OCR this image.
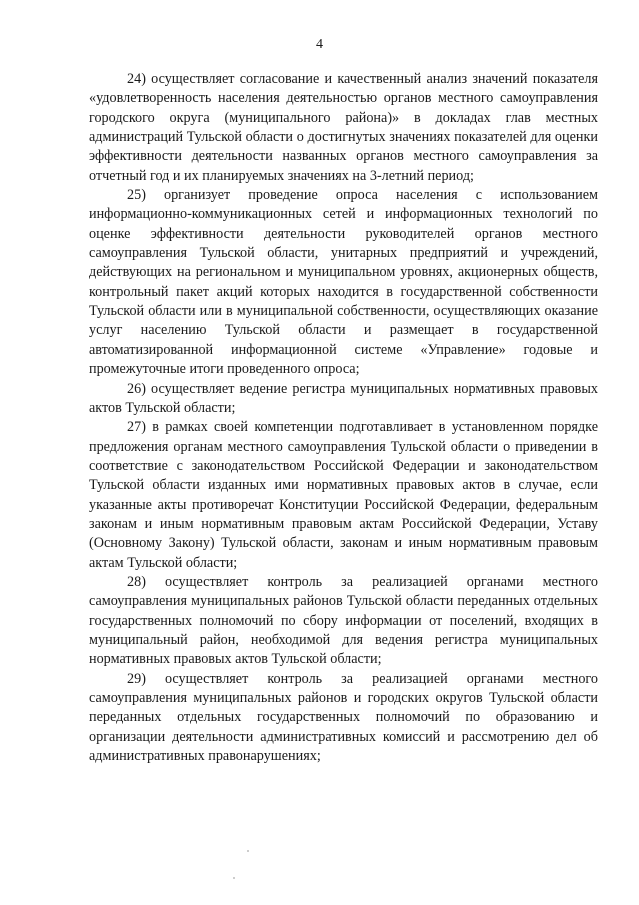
4

24) осуществляет согласование и качественный анализ значений показателя «удовлетворенность населения деятельностью органов местного самоуправления городского округа (муниципального района)» в докладах глав местных администраций Тульской области о достигнутых значениях показателей для оценки эффективности деятельности названных органов местного самоуправления за отчетный год и их планируемых значениях на 3-летний период;

25) организует проведение опроса населения с использованием информационно-коммуникационных сетей и информационных технологий по оценке эффективности деятельности руководителей органов местного самоуправления Тульской области, унитарных предприятий и учреждений, действующих на региональном и муниципальном уровнях, акционерных обществ, контрольный пакет акций которых находится в государственной собственности Тульской области или в муниципальной собственности, осуществляющих оказание услуг населению Тульской области и размещает в государственной автоматизированной информационной системе «Управление» годовые и промежуточные итоги проведенного опроса;

26) осуществляет ведение регистра муниципальных нормативных правовых актов Тульской области;

27) в рамках своей компетенции подготавливает в установленном порядке предложения органам местного самоуправления Тульской области о приведении в соответствие с законодательством Российской Федерации и законодательством Тульской области изданных ими нормативных правовых актов в случае, если указанные акты противоречат Конституции Российской Федерации, федеральным законам и иным нормативным правовым актам Российской Федерации, Уставу (Основному Закону) Тульской области, законам и иным нормативным правовым актам Тульской области;

28) осуществляет контроль за реализацией органами местного самоуправления муниципальных районов Тульской области переданных отдельных государственных полномочий по сбору информации от поселений, входящих в муниципальный район, необходимой для ведения регистра муниципальных нормативных правовых актов Тульской области;

29) осуществляет контроль за реализацией органами местного самоуправления муниципальных районов и городских округов Тульской области переданных отдельных государственных полномочий по образованию и организации деятельности административных комиссий и рассмотрению дел об административных правонарушениях;
